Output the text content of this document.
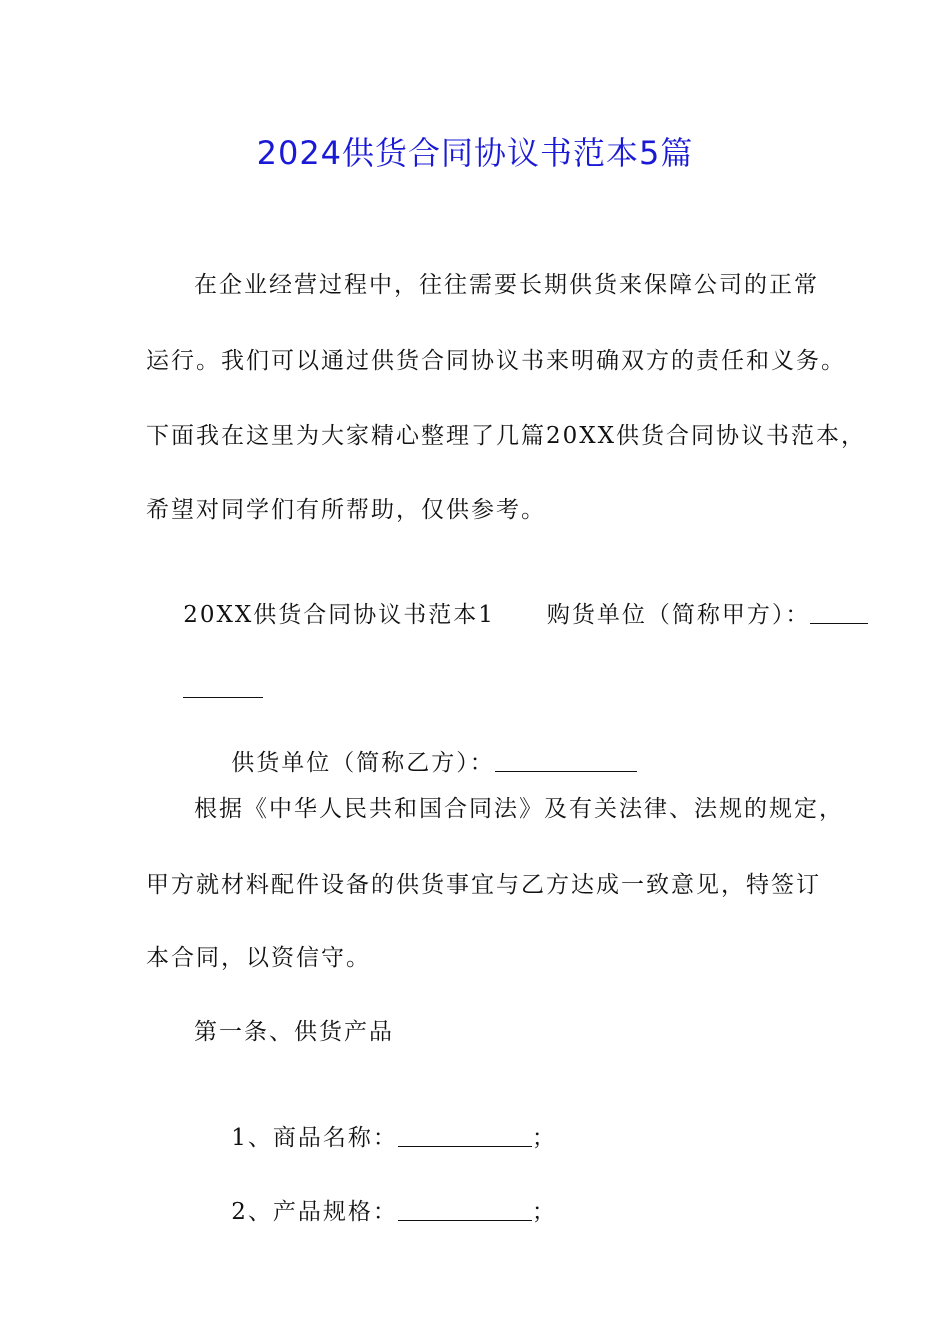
2024供货合同协议书范本5篇
在企业经营过程中，往往需要长期供货来保障公司的正常
运行。我们可以通过供货合同协议书来明确双方的责任和义务。
下面我在这里为大家精心整理了几篇20XX供货合同协议书范本，
希望对同学们有所帮助，仅供参考。

20XX供货合同协议书范本1 购货单位（简称甲方）：

供货单位（简称乙方）：

根据《中华人民共和国合同法》及有关法律、法规的规定，
甲方就材料配件设备的供货事宜与乙方达成一致意见，特签订
本合同，以资信守。
第一条、供货产品

1、商品名称：	；

2、产品规格：	；
